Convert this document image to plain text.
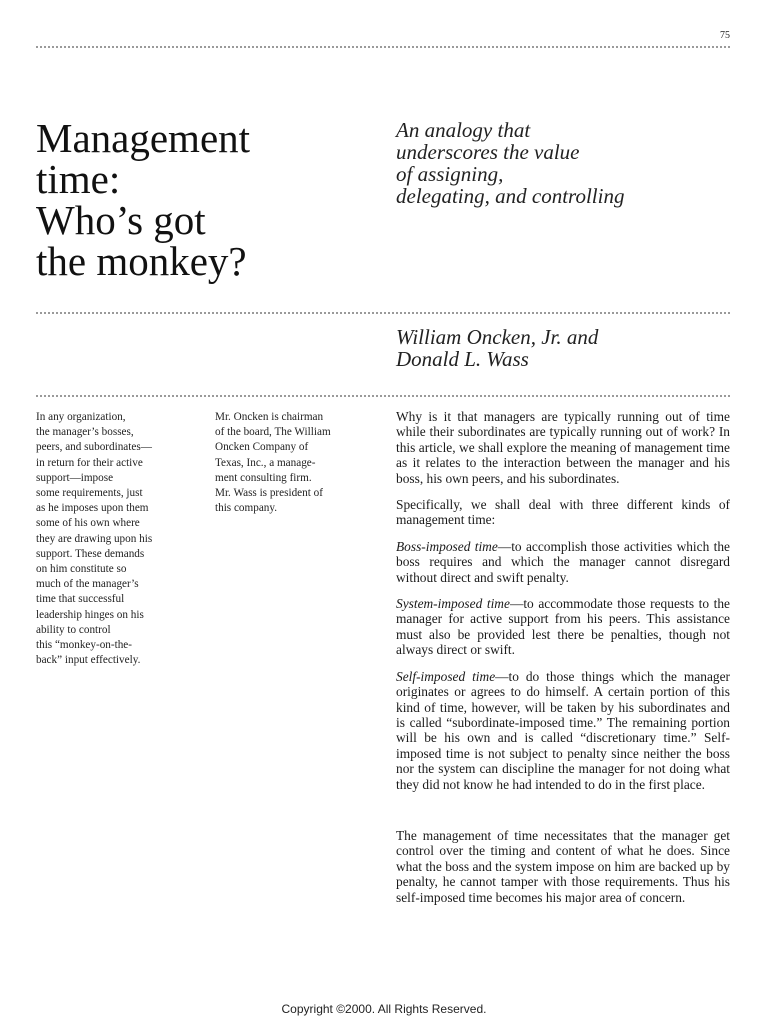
75
Management
time:
Who’s got
the monkey?
An analogy that
underscores the value
of assigning,
delegating, and controlling
William Oncken, Jr. and
Donald L. Wass
In any organization,
the manager’s bosses,
peers, and subordinates—
in return for their active
support—impose
some requirements, just
as he imposes upon them
some of his own where
they are drawing upon his
support. These demands
on him constitute so
much of the manager’s
time that successful
leadership hinges on his
ability to control
this “monkey-on-the-
back” input effectively.
Mr. Oncken is chairman
of the board, The William
Oncken Company of
Texas, Inc., a manage-
ment consulting firm.
Mr. Wass is president of
this company.

Why is it that managers are typically running out of time while their subordinates are typically running out of work? In this article, we shall explore the meaning of management time as it relates to the interaction between the manager and his boss, his own peers, and his subordinates.

Specifically, we shall deal with three different kinds of management time:

Boss-imposed time—to accomplish those activities which the boss requires and which the manager cannot disregard without direct and swift penalty.

System-imposed time—to accommodate those requests to the manager for active support from his peers. This assistance must also be provided lest there be penalties, though not always direct or swift.

Self-imposed time—to do those things which the manager originates or agrees to do himself. A certain portion of this kind of time, however, will be taken by his subordinates and is called “subordinate-imposed time.” The remaining portion will be his own and is called “discretionary time.” Self-imposed time is not subject to penalty since neither the boss nor the system can discipline the manager for not doing what they did not know he had intended to do in the first place.

The management of time necessitates that the manager get control over the timing and content of what he does. Since what the boss and the system impose on him are backed up by penalty, he cannot tamper with those requirements. Thus his self-imposed time becomes his major area of concern.

Copyright ©2000. All Rights Reserved.
